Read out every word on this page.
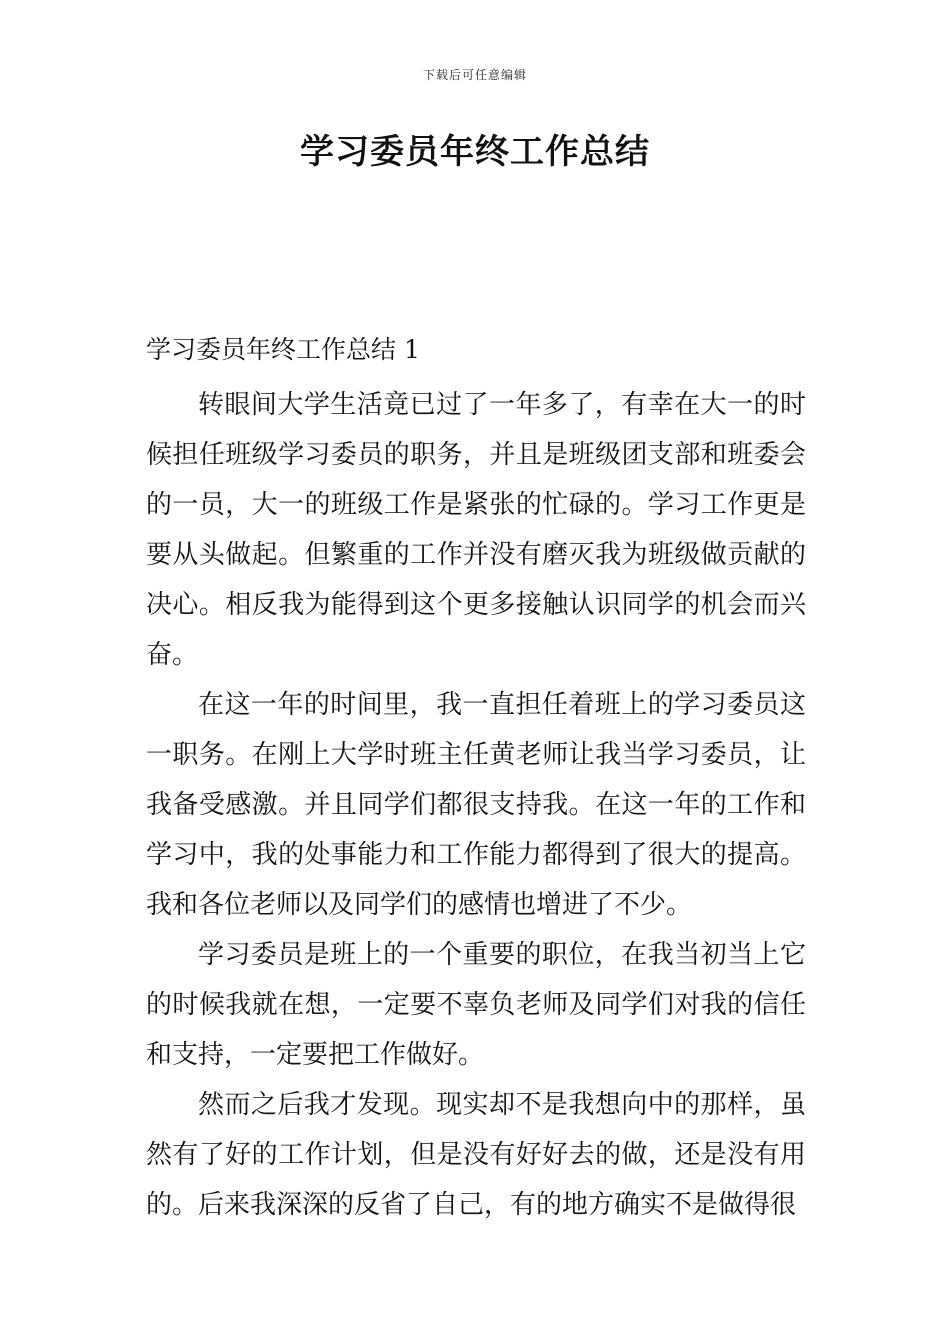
下载后可任意编辑
学习委员年终工作总结
学习委员年终工作总结 1

转眼间大学生活竟已过了一年多了，有幸在大一的时候担任班级学习委员的职务，并且是班级团支部和班委会的一员，大一的班级工作是紧张的忙碌的。学习工作更是要从头做起。但繁重的工作并没有磨灭我为班级做贡献的决心。相反我为能得到这个更多接触认识同学的机会而兴奋。

在这一年的时间里，我一直担任着班上的学习委员这一职务。在刚上大学时班主任黄老师让我当学习委员，让我备受感激。并且同学们都很支持我。在这一年的工作和学习中，我的处事能力和工作能力都得到了很大的提高。我和各位老师以及同学们的感情也增进了不少。

学习委员是班上的一个重要的职位，在我当初当上它的时候我就在想，一定要不辜负老师及同学们对我的信任和支持，一定要把工作做好。

然而之后我才发现。现实却不是我想向中的那样，虽然有了好的工作计划，但是没有好好去的做，还是没有用的。后来我深深的反省了自己，有的地方确实不是做得很
